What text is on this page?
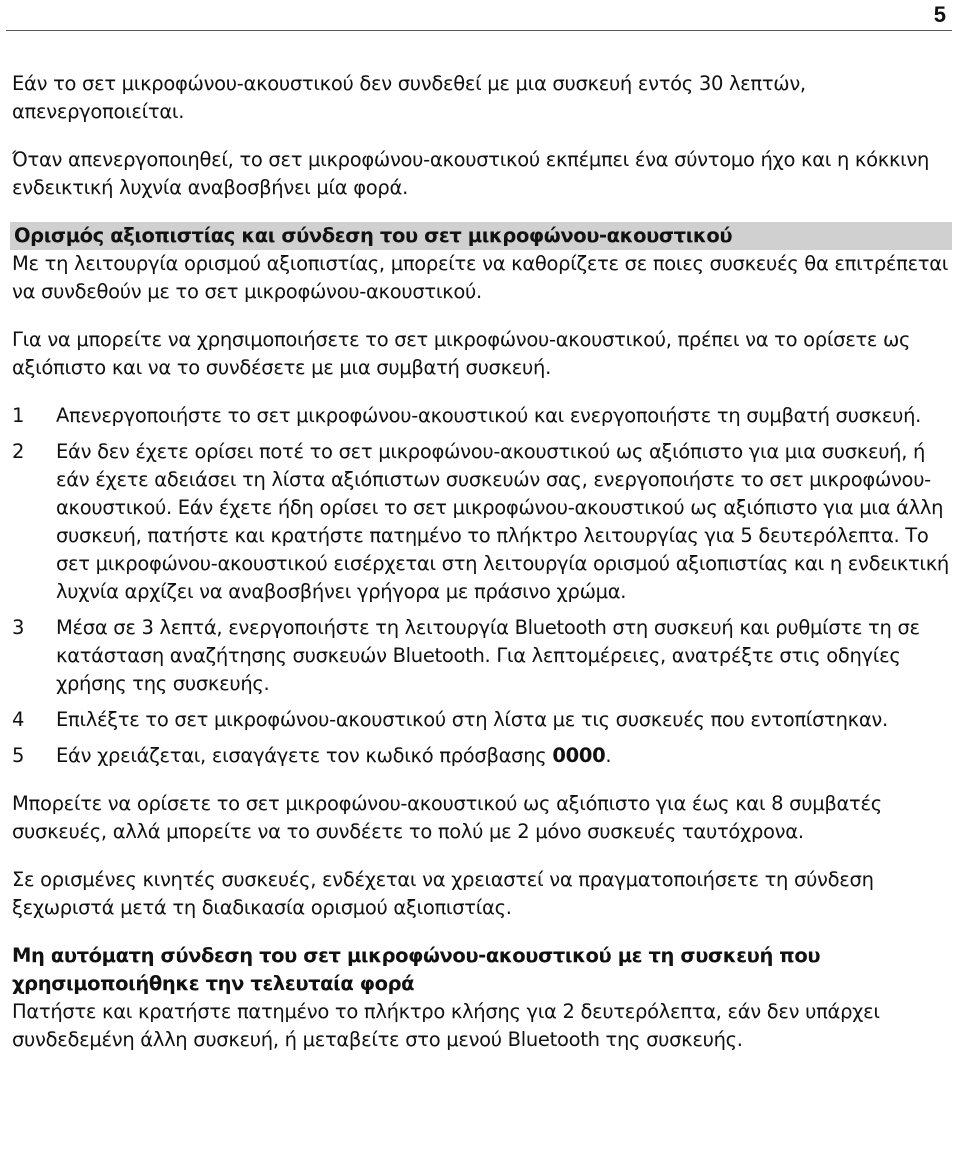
5

Εάν το σετ μικροφώνου-ακουστικού δεν συνδεθεί με μια συσκευή εντός 30 λεπτών, απενεργοποιείται.

Όταν απενεργοποιηθεί, το σετ μικροφώνου-ακουστικού εκπέμπει ένα σύντομο ήχο και η κόκκινη ενδεικτική λυχνία αναβοσβήνει μία φορά.

Ορισμός αξιοπιστίας και σύνδεση του σετ μικροφώνου-ακουστικού

Με τη λειτουργία ορισμού αξιοπιστίας, μπορείτε να καθορίζετε σε ποιες συσκευές θα επιτρέπεται να συνδεθούν με το σετ μικροφώνου-ακουστικού.

Για να μπορείτε να χρησιμοποιήσετε το σετ μικροφώνου-ακουστικού, πρέπει να το ορίσετε ως αξιόπιστο και να το συνδέσετε με μια συμβατή συσκευή.

1	Απενεργοποιήστε το σετ μικροφώνου-ακουστικού και ενεργοποιήστε τη συμβατή συσκευή.
2	Εάν δεν έχετε ορίσει ποτέ το σετ μικροφώνου-ακουστικού ως αξιόπιστο για μια συσκευή, ή εάν έχετε αδειάσει τη λίστα αξιόπιστων συσκευών σας, ενεργοποιήστε το σετ μικροφώνου-ακουστικού. Εάν έχετε ήδη ορίσει το σετ μικροφώνου-ακουστικού ως αξιόπιστο για μια άλλη συσκευή, πατήστε και κρατήστε πατημένο το πλήκτρο λειτουργίας για 5 δευτερόλεπτα. Το σετ μικροφώνου-ακουστικού εισέρχεται στη λειτουργία ορισμού αξιοπιστίας και η ενδεικτική λυχνία αρχίζει να αναβοσβήνει γρήγορα με πράσινο χρώμα.
3	Μέσα σε 3 λεπτά, ενεργοποιήστε τη λειτουργία Bluetooth στη συσκευή και ρυθμίστε τη σε κατάσταση αναζήτησης συσκευών Bluetooth. Για λεπτομέρειες, ανατρέξτε στις οδηγίες χρήσης της συσκευής.
4	Επιλέξτε το σετ μικροφώνου-ακουστικού στη λίστα με τις συσκευές που εντοπίστηκαν.
5	Εάν χρειάζεται, εισαγάγετε τον κωδικό πρόσβασης 0000.

Μπορείτε να ορίσετε το σετ μικροφώνου-ακουστικού ως αξιόπιστο για έως και 8 συμβατές συσκευές, αλλά μπορείτε να το συνδέετε το πολύ με 2 μόνο συσκευές ταυτόχρονα.

Σε ορισμένες κινητές συσκευές, ενδέχεται να χρειαστεί να πραγματοποιήσετε τη σύνδεση ξεχωριστά μετά τη διαδικασία ορισμού αξιοπιστίας.

Μη αυτόματη σύνδεση του σετ μικροφώνου-ακουστικού με τη συσκευή που χρησιμοποιήθηκε την τελευταία φορά

Πατήστε και κρατήστε πατημένο το πλήκτρο κλήσης για 2 δευτερόλεπτα, εάν δεν υπάρχει συνδεδεμένη άλλη συσκευή, ή μεταβείτε στο μενού Bluetooth της συσκευής.
